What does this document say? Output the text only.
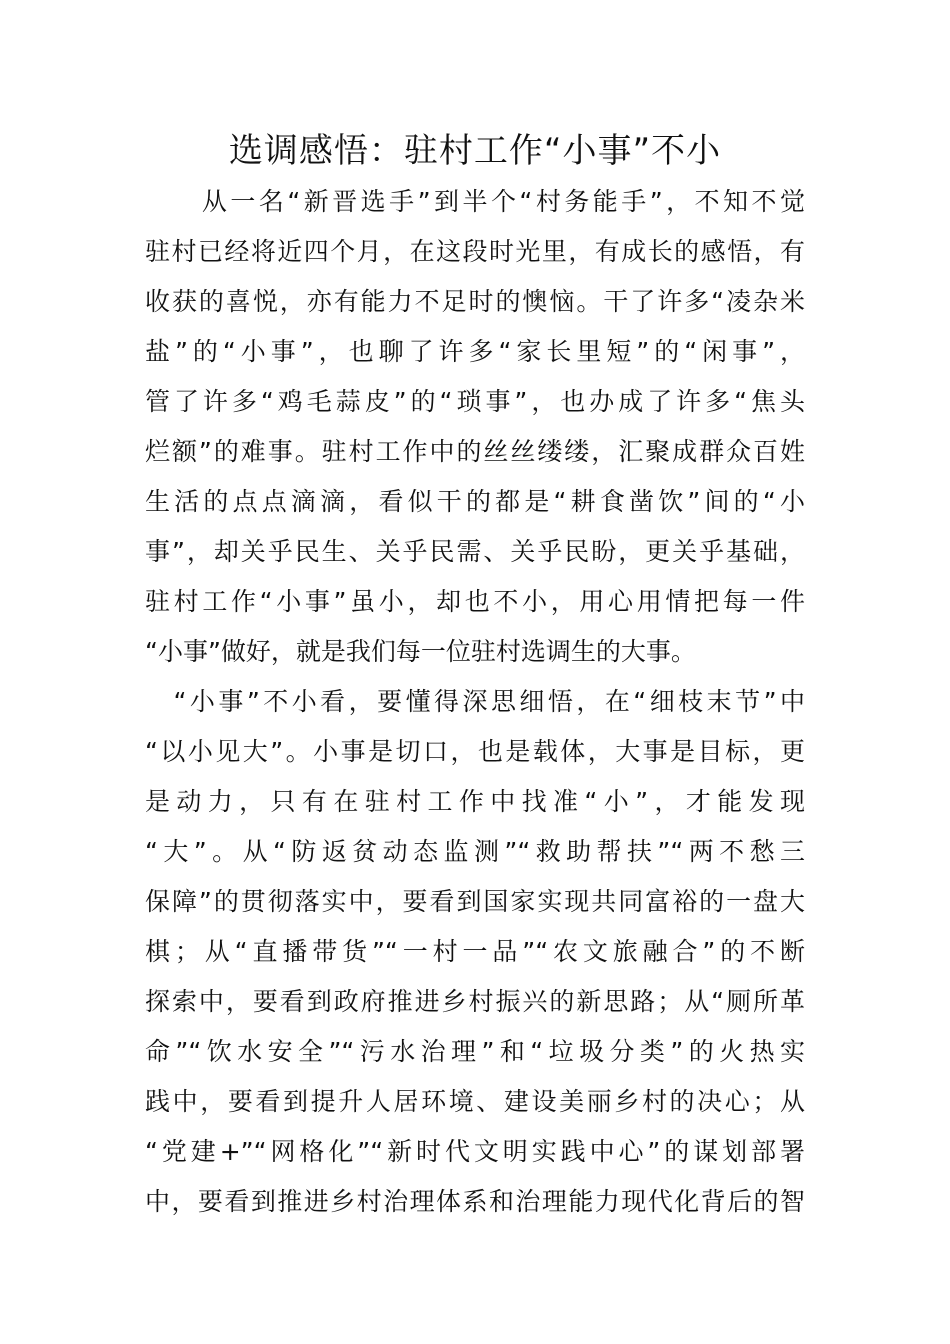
选调感悟：驻村工作“小事”不小
　　从一名“新晋选手”到半个“村务能手”，不知不觉
驻村已经将近四个月，在这段时光里，有成长的感悟，有
收获的喜悦，亦有能力不足时的懊恼。干了许多“凌杂米
盐”的“小事”，也聊了许多“家长里短”的“闲事”，
管了许多“鸡毛蒜皮”的“琐事”，也办成了许多“焦头
烂额”的难事。驻村工作中的丝丝缕缕，汇聚成群众百姓
生活的点点滴滴，看似干的都是“耕食凿饮”间的“小
事”，却关乎民生、关乎民需、关乎民盼，更关乎基础，
驻村工作“小事”虽小，却也不小，用心用情把每一件
“小事”做好，就是我们每一位驻村选调生的大事。
　“小事”不小看，要懂得深思细悟，在“细枝末节”中
“以小见大”。小事是切口，也是载体，大事是目标，更
是动力，只有在驻村工作中找准“小”，才能发现
“大”。从“防返贫动态监测”“救助帮扶”“两不愁三
保障”的贯彻落实中，要看到国家实现共同富裕的一盘大
棋；从“直播带货”“一村一品”“农文旅融合”的不断
探索中，要看到政府推进乡村振兴的新思路；从“厕所革
命”“饮水安全”“污水治理”和“垃圾分类”的火热实
践中，要看到提升人居环境、建设美丽乡村的决心；从
“党建+”“网格化”“新时代文明实践中心”的谋划部署
中，要看到推进乡村治理体系和治理能力现代化背后的智
